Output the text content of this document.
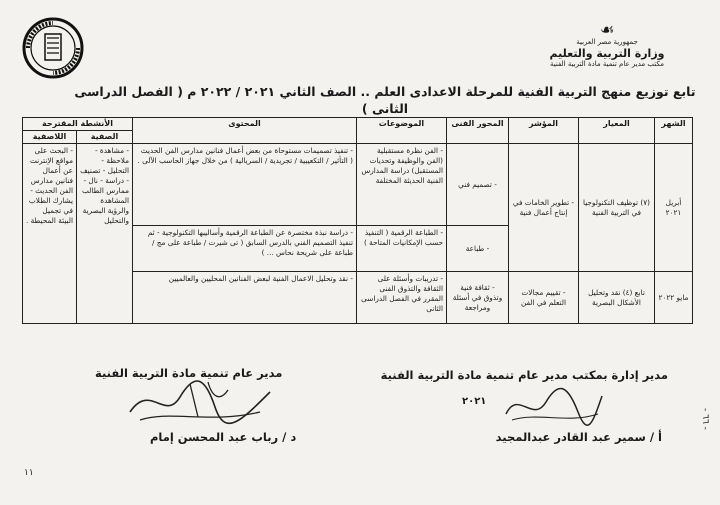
☙
جمهورية مصر العربية
وزارة التربية والتعليم
مكتب مدير عام تنمية مادة التربية الفنية
تابع توزيع منهج التربية الفنية للمرحلة الاعدادى العلم .. الصف الثاني ٢٠٢١ / ٢٠٢٢ م ( الفصل الدراسى الثانى )
الشهر	المعيار	المؤشر	المحور الفنى	الموضوعات	المحتوى	الأنشطة المقترحة	
						الصفية	اللاصفية
أبريل ٢٠٢١	(٧) توظيف التكنولوجيا في التربية الفنية	- تطوير الخامات في إنتاج أعمال فنية	- تصميم فني	- الفن نظرة مستقبلية (الفن والوظيفة وتحديات المستقبل) دراسة المدارس الفنية الحديثة المختلفة	- تنفيذ تصميمات مستوحاة من بعض أعمال فنانين مدارس الفن الحديث ( التأثير / التكعيبية / تجريدية / السريالية ) من خلال جهاز الحاسب الآلى .	- مشاهدة - ملاحظة - التحليل - تصنيف - دراسة - نال - ممارس الطالب المشاهدة والرؤية البصرية والتحليل	- البحث على مواقع الإنترنت عن أعمال فنانين مدارس الفن الحديث - يشارك الطلاب في تجميل البيئة المحيطة .
			- طباعة	- الطباعة الرقمية ( التنفيذ حسب الإمكانيات المتاحة )	- دراسة نبذة مختصرة عن الطباعة الرقمية وأساليبها التكنولوجية - ثم تنفيذ التصميم الفني بالدرس السابق ( تى شيرت / طباعة على مج / طباعة على شريحة نحاس ... )		
مايو ٢٠٢٢	تابع (٤) نقد وتحليل الأشكال البصرية	- تقييم مجالات التعلم في الفن	- ثقافة فنية وتذوق في أسئلة ومراجعة	- تدريبات وأسئلة على الثقافة والتذوق الفنى المقرر في الفصل الدراسى الثانى	- نقد وتحليل الاعمال الفنية لبعض الفنانين المحليين والعالميين		
مدير عام تنمية مادة التربية الفنية
د / رباب عبد المحسن إمام
مدير إدارة بمكتب مدير عام تنمية مادة التربية الفنية
أ / سمير عبد القادر عبدالمجيد
٢٠٢١
١١
- ٦٦ -
